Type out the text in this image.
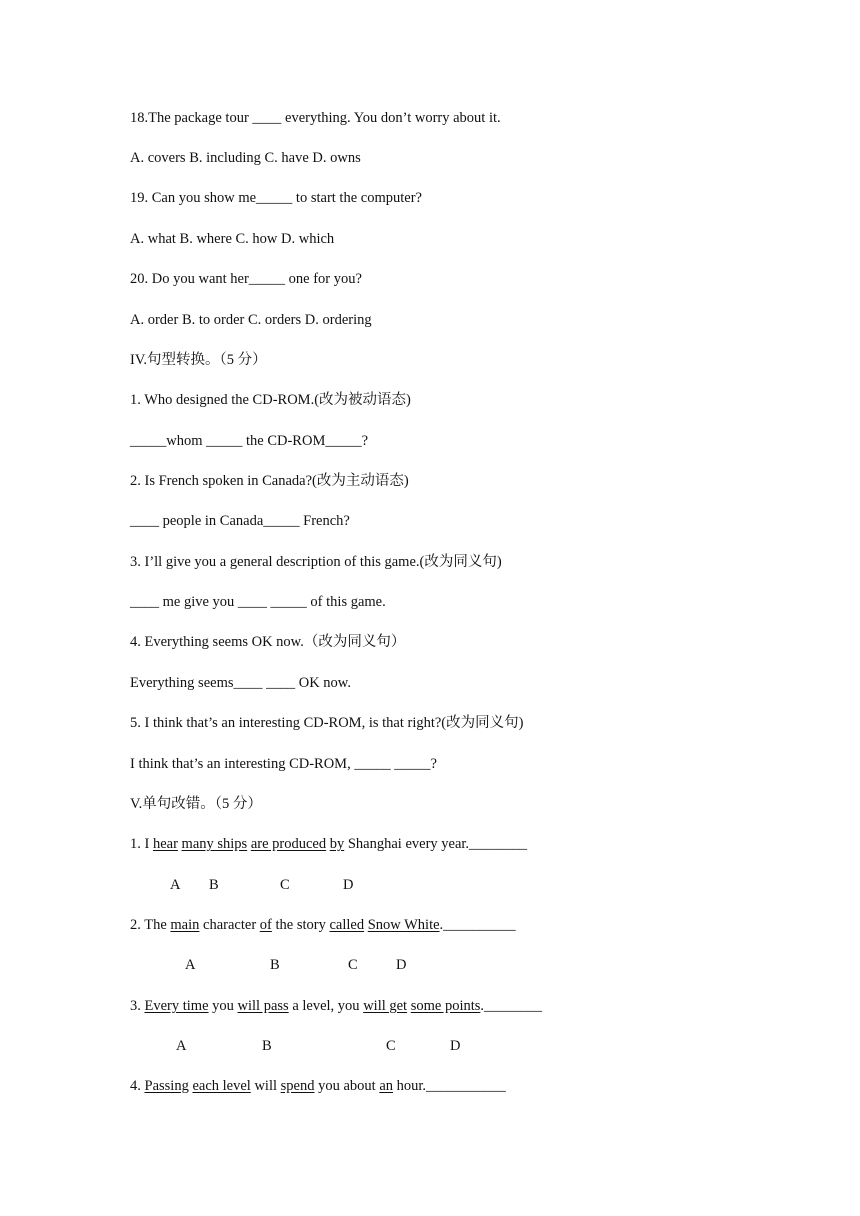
18.The package tour ____ everything. You don’t worry about it.
A. covers B. including C. have D. owns
19. Can you show me_____ to start the computer?
A. what B. where C. how D. which
20. Do you want her_____ one for you?
A. order B. to order C. orders D. ordering
IV.句型转换。（5 分）
1. Who designed the CD-ROM.(改为被动语态)
_____whom _____ the CD-ROM_____?
2. Is French spoken in Canada?(改为主动语态)
____ people in Canada_____ French?
3. I’ll give you a general description of this game.(改为同义句)
____ me give you ____ _____ of this game.
4. Everything seems OK now.（改为同义句）
Everything seems____ ____ OK now.
5. I think that’s an interesting CD-ROM, is that right?(改为同义句)
I think that’s an interesting CD-ROM, _____ _____?
V.单句改错。（5 分）
1. I hear many ships are produced by Shanghai every year.________
A B	C	D
2. The main character of the story called Snow White.__________
A	B	C	D
3. Every time you will pass a level, you will get some points.________
A	B	C	D
4. Passing each level will spend you about an hour.___________
